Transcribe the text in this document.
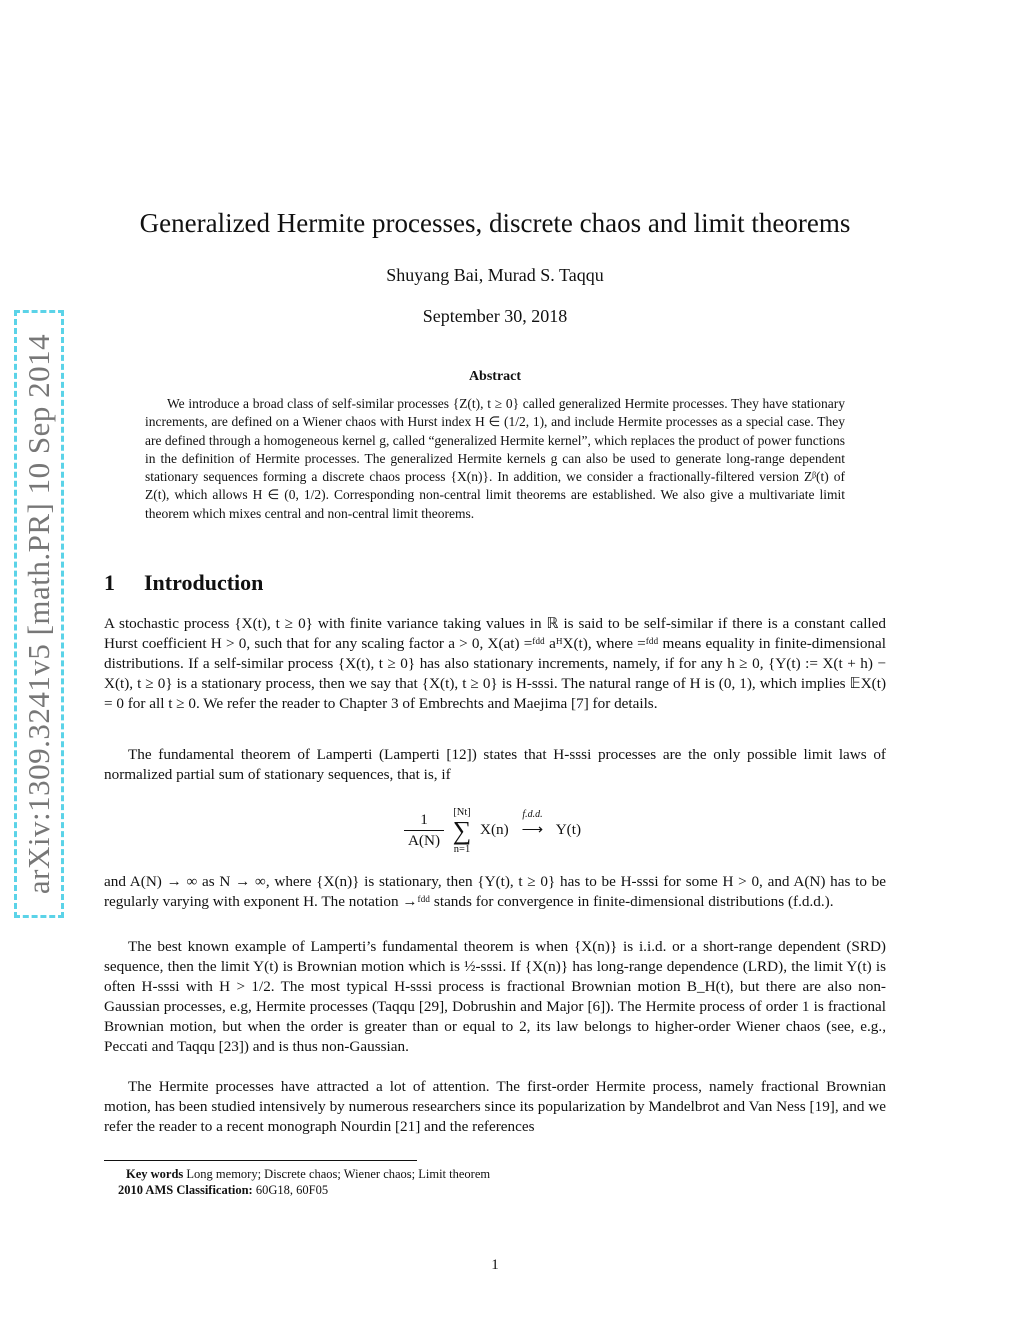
arXiv:1309.3241v5 [math.PR] 10 Sep 2014
Generalized Hermite processes, discrete chaos and limit theorems
Shuyang Bai, Murad S. Taqqu
September 30, 2018
Abstract

We introduce a broad class of self-similar processes {Z(t), t ≥ 0} called generalized Hermite processes. They have stationary increments, are defined on a Wiener chaos with Hurst index H ∈ (1/2, 1), and include Hermite processes as a special case. They are defined through a homogeneous kernel g, called “generalized Hermite kernel”, which replaces the product of power functions in the definition of Hermite processes. The generalized Hermite kernels g can also be used to generate long-range dependent stationary sequences forming a discrete chaos process {X(n)}. In addition, we consider a fractionally-filtered version Zᵝ(t) of Z(t), which allows H ∈ (0, 1/2). Corresponding non-central limit theorems are established. We also give a multivariate limit theorem which mixes central and non-central limit theorems.

1 Introduction

A stochastic process {X(t), t ≥ 0} with finite variance taking values in ℝ is said to be self-similar if there is a constant called Hurst coefficient H > 0, such that for any scaling factor a > 0, X(at) =ᶠᵈᵈ aᴴX(t), where =ᶠᵈᵈ means equality in finite-dimensional distributions. If a self-similar process {X(t), t ≥ 0} has also stationary increments, namely, if for any h ≥ 0, {Y(t) := X(t + h) − X(t), t ≥ 0} is a stationary process, then we say that {X(t), t ≥ 0} is H-sssi. The natural range of H is (0, 1), which implies 𝔼X(t) = 0 for all t ≥ 0. We refer the reader to Chapter 3 of Embrechts and Maejima [7] for details.

The fundamental theorem of Lamperti (Lamperti [12]) states that H-sssi processes are the only possible limit laws of normalized partial sum of stationary sequences, that is, if

$\frac{1}{A(N)} [Nt]$
∑
n=1
X(n)
f.d.d.
⟶ Y(t)

and A(N) → ∞ as N → ∞, where {X(n)} is stationary, then {Y(t), t ≥ 0} has to be H-sssi for some H > 0, and A(N) has to be regularly varying with exponent H. The notation →ᶠᵈᵈ stands for convergence in finite-dimensional distributions (f.d.d.).

The best known example of Lamperti’s fundamental theorem is when {X(n)} is i.i.d. or a short-range dependent (SRD) sequence, then the limit Y(t) is Brownian motion which is ½-sssi. If {X(n)} has long-range dependence (LRD), the limit Y(t) is often H-sssi with H > 1/2. The most typical H-sssi process is fractional Brownian motion B_H(t), but there are also non-Gaussian processes, e.g, Hermite processes (Taqqu [29], Dobrushin and Major [6]). The Hermite process of order 1 is fractional Brownian motion, but when the order is greater than or equal to 2, its law belongs to higher-order Wiener chaos (see, e.g., Peccati and Taqqu [23]) and is thus non-Gaussian.

The Hermite processes have attracted a lot of attention. The first-order Hermite process, namely fractional Brownian motion, has been studied intensively by numerous researchers since its popularization by Mandelbrot and Van Ness [19], and we refer the reader to a recent monograph Nourdin [21] and the references

Key words Long memory; Discrete chaos; Wiener chaos; Limit theorem
2010 AMS Classification: 60G18, 60F05
1
